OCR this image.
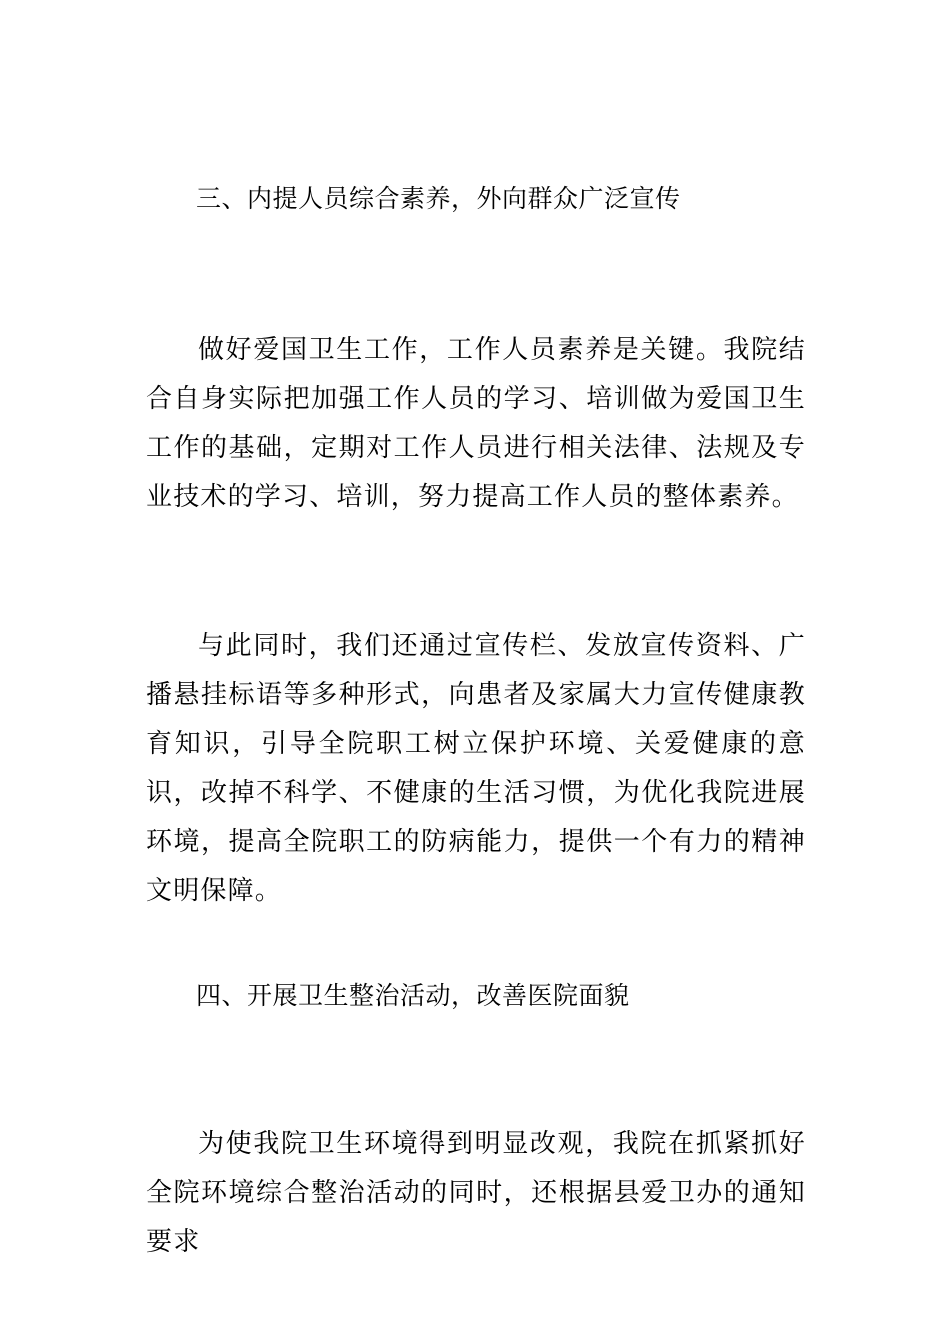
三、内提人员综合素养，外向群众广泛宣传
做好爱国卫生工作，工作人员素养是关键。我院结合自身实际把加强工作人员的学习、培训做为爱国卫生工作的基础，定期对工作人员进行相关法律、法规及专业技术的学习、培训，努力提高工作人员的整体素养。
与此同时，我们还通过宣传栏、发放宣传资料、广播悬挂标语等多种形式，向患者及家属大力宣传健康教育知识，引导全院职工树立保护环境、关爱健康的意识，改掉不科学、不健康的生活习惯，为优化我院进展环境，提高全院职工的防病能力，提供一个有力的精神文明保障。
四、开展卫生整治活动，改善医院面貌
为使我院卫生环境得到明显改观，我院在抓紧抓好全院环境综合整治活动的同时，还根据县爱卫办的通知要求
